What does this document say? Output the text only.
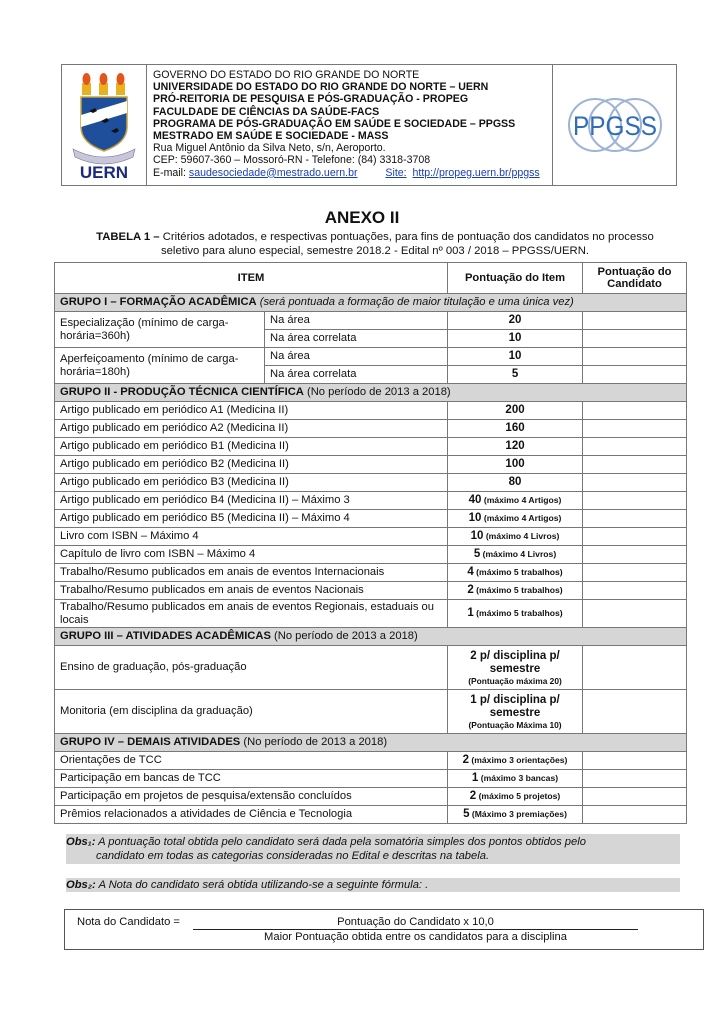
UERN
GOVERNO DO ESTADO DO RIO GRANDE DO NORTE
UNIVERSIDADE DO ESTADO DO RIO GRANDE DO NORTE – UERN
PRÓ-REITORIA DE PESQUISA E PÓS-GRADUAÇÃO - PROPEG
FACULDADE DE CIÊNCIAS DA SAÚDE-FACS
PROGRAMA DE PÓS-GRADUAÇÃO EM SAÚDE E SOCIEDADE – PPGSS
MESTRADO EM SAÚDE E SOCIEDADE - MASS
Rua Miguel Antônio da Silva Neto, s/n, Aeroporto.
CEP: 59607-360 – Mossoró-RN - Telefone: (84) 3318-3708
E-mail: saudesociedade@mestrado.uern.br	Site: http://propeg.uern.br/ppgss
PPGSS
ANEXO II
TABELA 1 – Critérios adotados, e respectivas pontuações, para fins de pontuação dos candidatos no processo
seletivo para aluno especial, semestre 2018.2 - Edital nº 003 / 2018 – PPGSS/UERN.
ITEM		Pontuação do Item	Pontuação do Candidato
GRUPO I – FORMAÇÃO ACADÊMICA (será pontuada a formação de maior titulação e uma única vez)			
Especialização (mínimo de carga-horária=360h)	Na área	20	
	Na área correlata	10	
Aperfeiçoamento (mínimo de carga-horária=180h)	Na área	10	
	Na área correlata	5	
GRUPO II - PRODUÇÃO TÉCNICA CIENTÍFICA (No período de 2013 a 2018)			
Artigo publicado em periódico A1 (Medicina II)		200	
Artigo publicado em periódico A2 (Medicina II)		160	
Artigo publicado em periódico B1 (Medicina II)		120	
Artigo publicado em periódico B2 (Medicina II)		100	
Artigo publicado em periódico B3 (Medicina II)		80	
Artigo publicado em periódico B4 (Medicina II) – Máximo 3		40 (máximo 4 Artigos)	
Artigo publicado em periódico B5 (Medicina II) – Máximo 4		10 (máximo 4 Artigos)	
Livro com ISBN – Máximo 4		10 (máximo 4 Livros)	
Capítulo de livro com ISBN – Máximo 4		5 (máximo 4 Livros)	
Trabalho/Resumo publicados em anais de eventos Internacionais		4 (máximo 5 trabalhos)	
Trabalho/Resumo publicados em anais de eventos Nacionais		2 (máximo 5 trabalhos)	
Trabalho/Resumo publicados em anais de eventos Regionais, estaduais ou locais		1 (máximo 5 trabalhos)	
GRUPO III – ATIVIDADES ACADÊMICAS (No período de 2013 a 2018)			
Ensino de graduação, pós-graduação		2 p/ disciplina p/
semestre
(Pontuação máxima 20)	

Monitoria (em disciplina da graduação)		1 p/ disciplina p/
semestre
(Pontuação Máxima 10)	

GRUPO IV – DEMAIS ATIVIDADES (No período de 2013 a 2018)			
Orientações de TCC		2 (máximo 3 orientações)	
Participação em bancas de TCC		1 (máximo 3 bancas)	
Participação em projetos de pesquisa/extensão concluídos		2 (máximo 5 projetos)	
Prêmios relacionados a atividades de Ciência e Tecnologia		5 (Máximo 3 premiações)	
Obs₁: A pontuação total obtida pelo candidato será dada pela somatória simples dos pontos obtidos pelo
candidato em todas as categorias consideradas no Edital e descritas na tabela.
Obs₂: A Nota do candidato será obtida utilizando-se a seguinte fórmula: .
Nota do Candidato =	Pontuação do Candidato x 10,0
Maior Pontuação obtida entre os candidatos para a disciplina
